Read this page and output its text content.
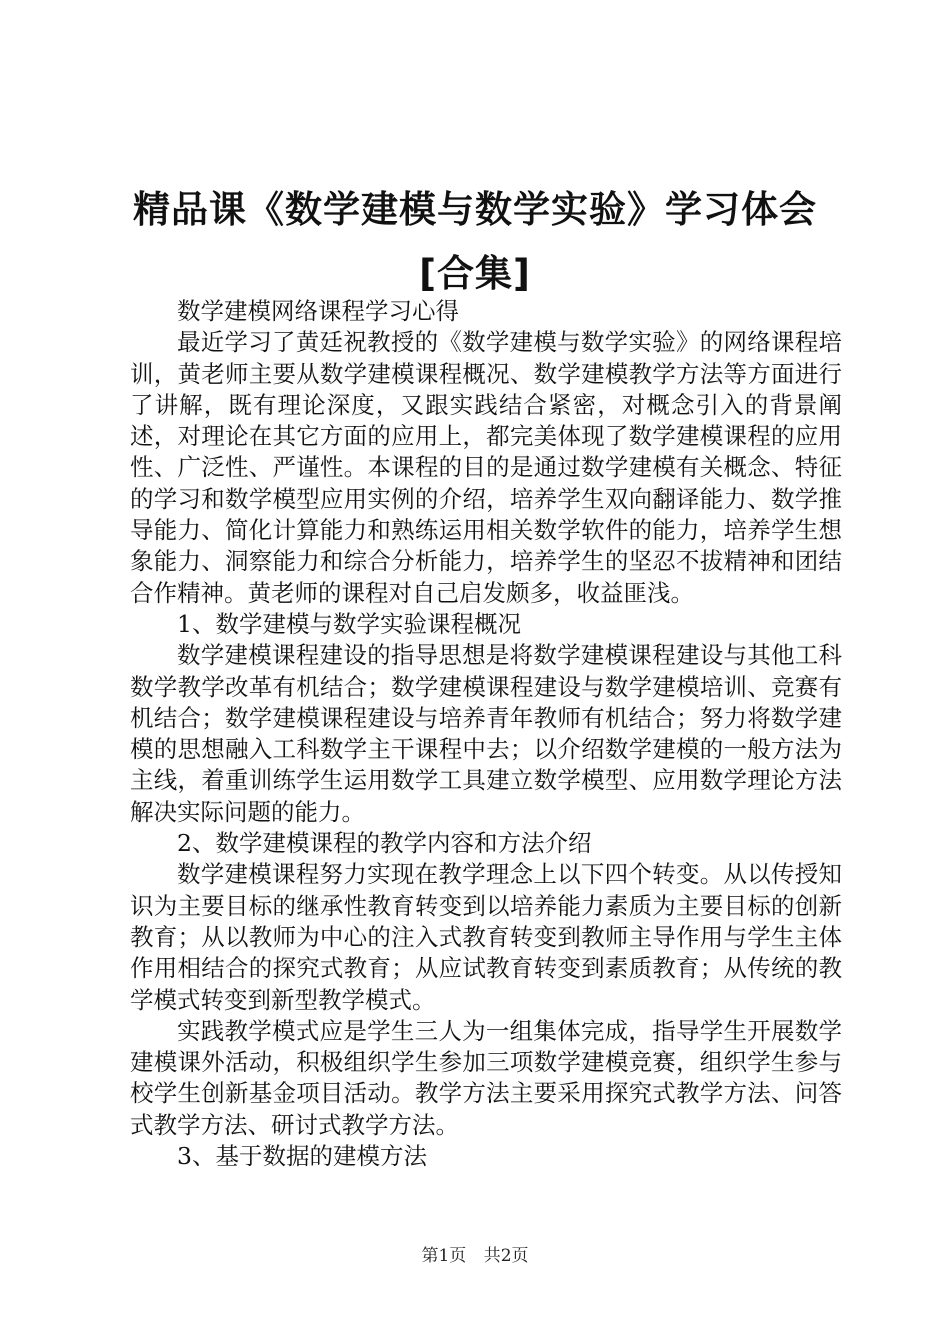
精品课《数学建模与数学实验》学习体会[合集]

数学建模网络课程学习心得

最近学习了黄廷祝教授的《数学建模与数学实验》的网络课程培训，黄老师主要从数学建模课程概况、数学建模教学方法等方面进行了讲解，既有理论深度，又跟实践结合紧密，对概念引入的背景阐述，对理论在其它方面的应用上，都完美体现了数学建模课程的应用性、广泛性、严谨性。本课程的目的是通过数学建模有关概念、特征的学习和数学模型应用实例的介绍，培养学生双向翻译能力、数学推导能力、简化计算能力和熟练运用相关数学软件的能力，培养学生想象能力、洞察能力和综合分析能力，培养学生的坚忍不拔精神和团结合作精神。黄老师的课程对自己启发颇多，收益匪浅。

1、数学建模与数学实验课程概况

数学建模课程建设的指导思想是将数学建模课程建设与其他工科数学教学改革有机结合；数学建模课程建设与数学建模培训、竞赛有机结合；数学建模课程建设与培养青年教师有机结合；努力将数学建模的思想融入工科数学主干课程中去；以介绍数学建模的一般方法为主线，着重训练学生运用数学工具建立数学模型、应用数学理论方法解决实际问题的能力。

2、数学建模课程的教学内容和方法介绍

数学建模课程努力实现在教学理念上以下四个转变。从以传授知识为主要目标的继承性教育转变到以培养能力素质为主要目标的创新教育；从以教师为中心的注入式教育转变到教师主导作用与学生主体作用相结合的探究式教育；从应试教育转变到素质教育；从传统的教学模式转变到新型教学模式。

实践教学模式应是学生三人为一组集体完成，指导学生开展数学建模课外活动，积极组织学生参加三项数学建模竞赛，组织学生参与校学生创新基金项目活动。教学方法主要采用探究式教学方法、问答式教学方法、研讨式教学方法。

3、基于数据的建模方法

第1页 共2页
